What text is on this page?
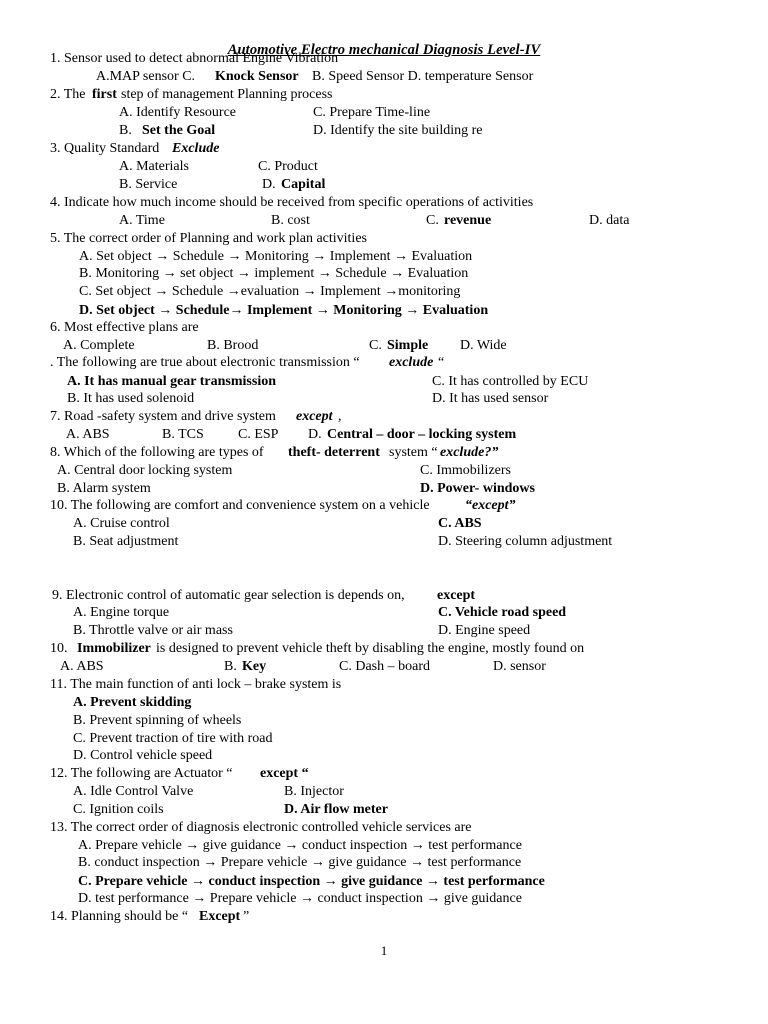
Automotive Electro mechanical Diagnosis Level-IV
1. Sensor used to detect abnormal Engine Vibration
A.MAP sensor C. Knock Sensor B. Speed Sensor D. temperature Sensor
2. The first step of management Planning process
A. Identify Resource	C. Prepare Time-line
B. Set the Goal	D. Identify the site building re
3. Quality Standard Exclude
A. Materials	C. Product
B. Service	D. Capital
4. Indicate how much income should be received from specific operations of activities
A. Time	B. cost	C. revenue	D. data
5. The correct order of Planning and work plan activities
A. Set object → Schedule → Monitoring → Implement → Evaluation
B. Monitoring → set object → implement → Schedule → Evaluation
C. Set object → Schedule →evaluation → Implement →monitoring
D. Set object → Schedule→ Implement → Monitoring → Evaluation
6. Most effective plans are
A. Complete	B. Brood	C. Simple D. Wide
. The following are true about electronic transmission “ exclude “
A. It has manual gear transmission	C. It has controlled by ECU
B. It has used solenoid	D. It has used sensor
7. Road -safety system and drive system except ,
A. ABS	B. TCS C. ESP D. Central – door – locking system
8. Which of the following are types of theft- deterrent system “ exclude?”
A. Central door locking system	C. Immobilizers
B. Alarm system	D. Power- windows
10. The following are comfort and convenience system on a vehicle	“except”
A. Cruise control	C. ABS
B. Seat adjustment	D. Steering column adjustment
9. Electronic control of automatic gear selection is depends on, except
A. Engine torque	C. Vehicle road speed
B. Throttle valve or air mass	D. Engine speed
10. Immobilizer is designed to prevent vehicle theft by disabling the engine, mostly found on
A. ABS	B. Key	C. Dash – board	D. sensor
11. The main function of anti lock – brake system is
A. Prevent skidding
B. Prevent spinning of wheels
C. Prevent traction of tire with road
D. Control vehicle speed
12. The following are Actuator “ except “
A. Idle Control Valve	B. Injector
C. Ignition coils	D. Air flow meter
13. The correct order of diagnosis electronic controlled vehicle services are
A. Prepare vehicle → give guidance → conduct inspection → test performance
B. conduct inspection → Prepare vehicle → give guidance → test performance
C. Prepare vehicle → conduct inspection → give guidance → test performance
D. test performance → Prepare vehicle → conduct inspection → give guidance
14. Planning should be “ Except ”
1
